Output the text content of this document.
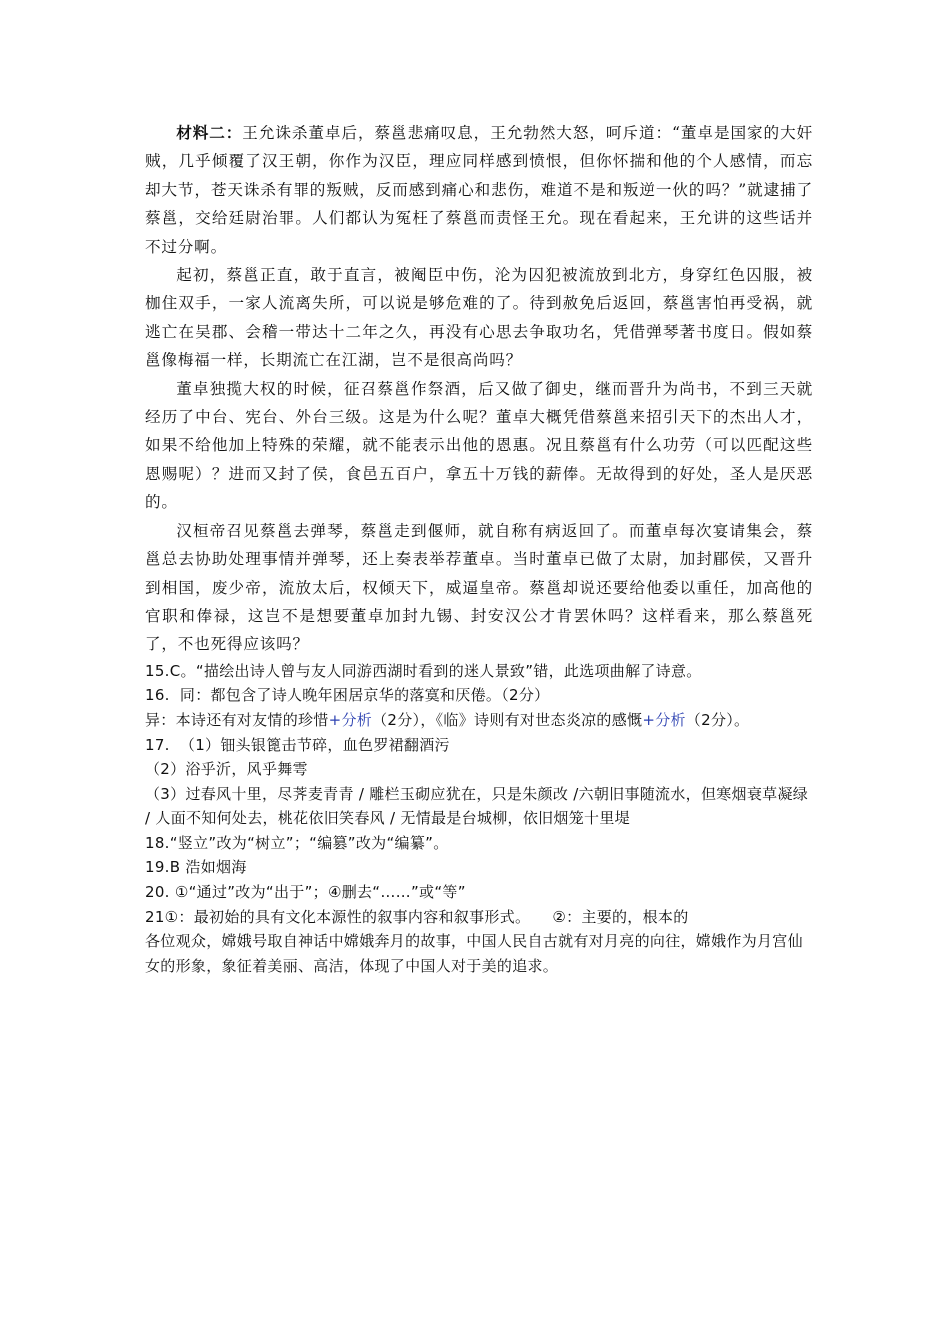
材料二：王允诛杀董卓后，蔡邕悲痛叹息，王允勃然大怒，呵斥道：“董卓是国家的大奸贼，几乎倾覆了汉王朝，你作为汉臣，理应同样感到愤恨，但你怀揣和他的个人感情，而忘却大节，苍天诛杀有罪的叛贼，反而感到痛心和悲伤，难道不是和叛逆一伙的吗？”就逮捕了蔡邕，交给廷尉治罪。人们都认为冤枉了蔡邕而责怪王允。现在看起来，王允讲的这些话并不过分啊。

起初，蔡邕正直，敢于直言，被阉臣中伤，沦为囚犯被流放到北方，身穿红色囚服，被枷住双手，一家人流离失所，可以说是够危难的了。待到赦免后返回，蔡邕害怕再受祸，就逃亡在吴郡、会稽一带达十二年之久，再没有心思去争取功名，凭借弹琴著书度日。假如蔡邕像梅福一样，长期流亡在江湖，岂不是很高尚吗？

董卓独揽大权的时候，征召蔡邕作祭酒，后又做了御史，继而晋升为尚书，不到三天就经历了中台、宪台、外台三级。这是为什么呢？董卓大概凭借蔡邕来招引天下的杰出人才，如果不给他加上特殊的荣耀，就不能表示出他的恩惠。况且蔡邕有什么功劳（可以匹配这些恩赐呢）？进而又封了侯，食邑五百户，拿五十万钱的薪俸。无故得到的好处，圣人是厌恶的。

汉桓帝召见蔡邕去弹琴，蔡邕走到偃师，就自称有病返回了。而董卓每次宴请集会，蔡邕总去协助处理事情并弹琴，还上奏表举荐董卓。当时董卓已做了太尉，加封郿侯，又晋升到相国，废少帝，流放太后，权倾天下，威逼皇帝。蔡邕却说还要给他委以重任，加高他的官职和俸禄，这岂不是想要董卓加封九锡、封安汉公才肯罢休吗？这样看来，那么蔡邕死了，不也死得应该吗？

15.C。“描绘出诗人曾与友人同游西湖时看到的迷人景致”错，此选项曲解了诗意。

16.  同：都包含了诗人晚年困居京华的落寞和厌倦。（2分）

异：本诗还有对友情的珍惜+分析（2分），《临》诗则有对世态炎凉的感慨+分析（2分）。

17.  （1）钿头银篦击节碎，血色罗裙翻酒污

（2）浴乎沂，风乎舞雩

（3）过春风十里，尽荠麦青青 / 雕栏玉砌应犹在，只是朱颜改 /六朝旧事随流水，但寒烟衰草凝绿 / 人面不知何处去，桃花依旧笑春风 / 无情最是台城柳，依旧烟笼十里堤

18.“竖立”改为“树立”；“编篡”改为“编纂”。

19.B 浩如烟海

20. ①“通过”改为“出于”；④删去“……”或“等”

21①：最初始的具有文化本源性的叙事内容和叙事形式。 ②：主要的，根本的

各位观众，嫦娥号取自神话中嫦娥奔月的故事，中国人民自古就有对月亮的向往，嫦娥作为月宫仙女的形象，象征着美丽、高洁，体现了中国人对于美的追求。
